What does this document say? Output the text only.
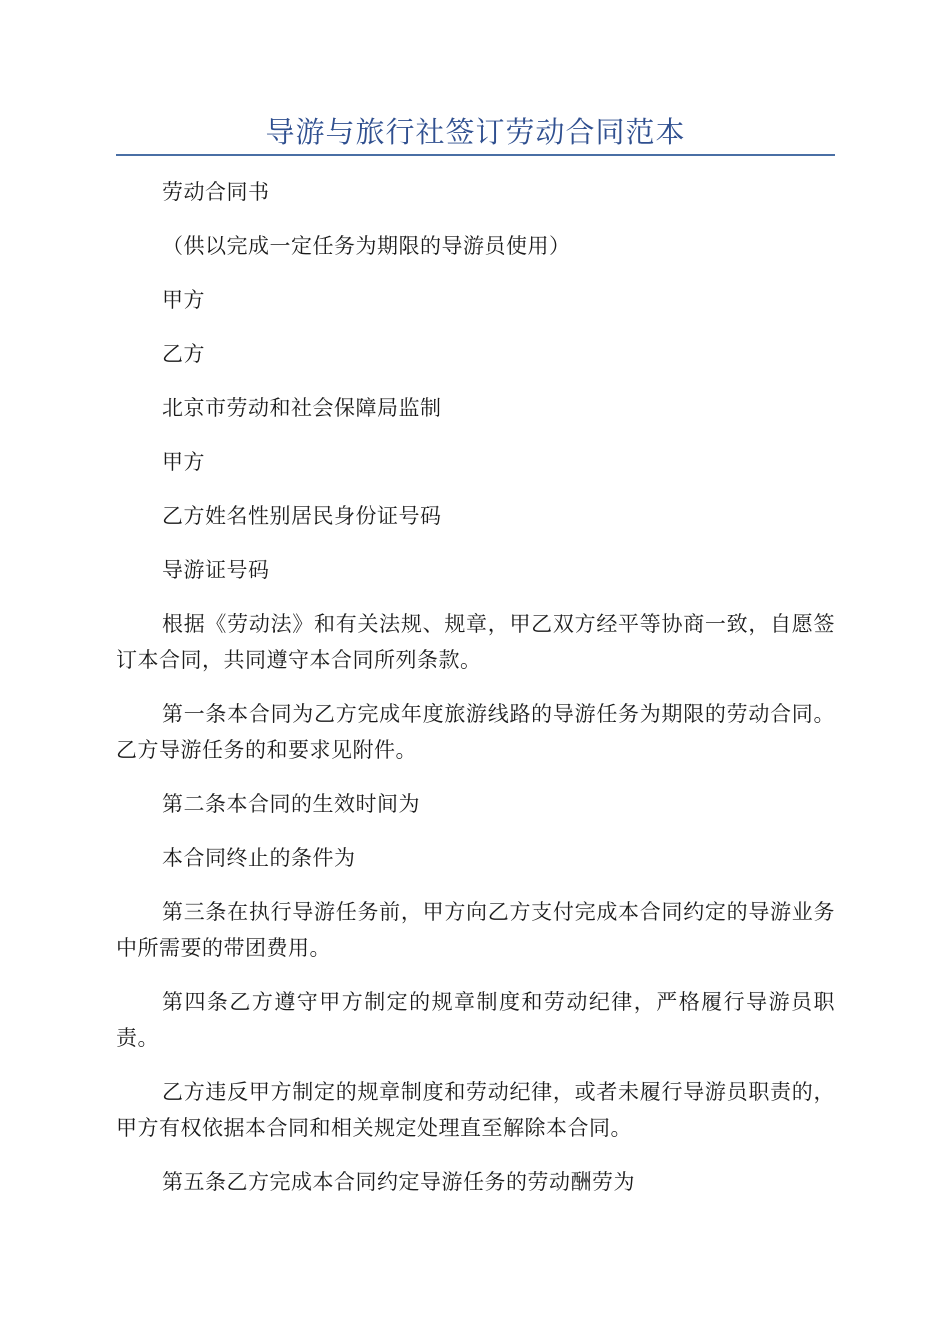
导游与旅行社签订劳动合同范本

劳动合同书

（供以完成一定任务为期限的导游员使用）

甲方

乙方

北京市劳动和社会保障局监制

甲方

乙方姓名性别居民身份证号码

导游证号码

根据《劳动法》和有关法规、规章，甲乙双方经平等协商一致，自愿签订本合同，共同遵守本合同所列条款。

第一条本合同为乙方完成年度旅游线路的导游任务为期限的劳动合同。乙方导游任务的和要求见附件。

第二条本合同的生效时间为

本合同终止的条件为

第三条在执行导游任务前，甲方向乙方支付完成本合同约定的导游业务中所需要的带团费用。

第四条乙方遵守甲方制定的规章制度和劳动纪律，严格履行导游员职责。

乙方违反甲方制定的规章制度和劳动纪律，或者未履行导游员职责的，甲方有权依据本合同和相关规定处理直至解除本合同。

第五条乙方完成本合同约定导游任务的劳动酬劳为
